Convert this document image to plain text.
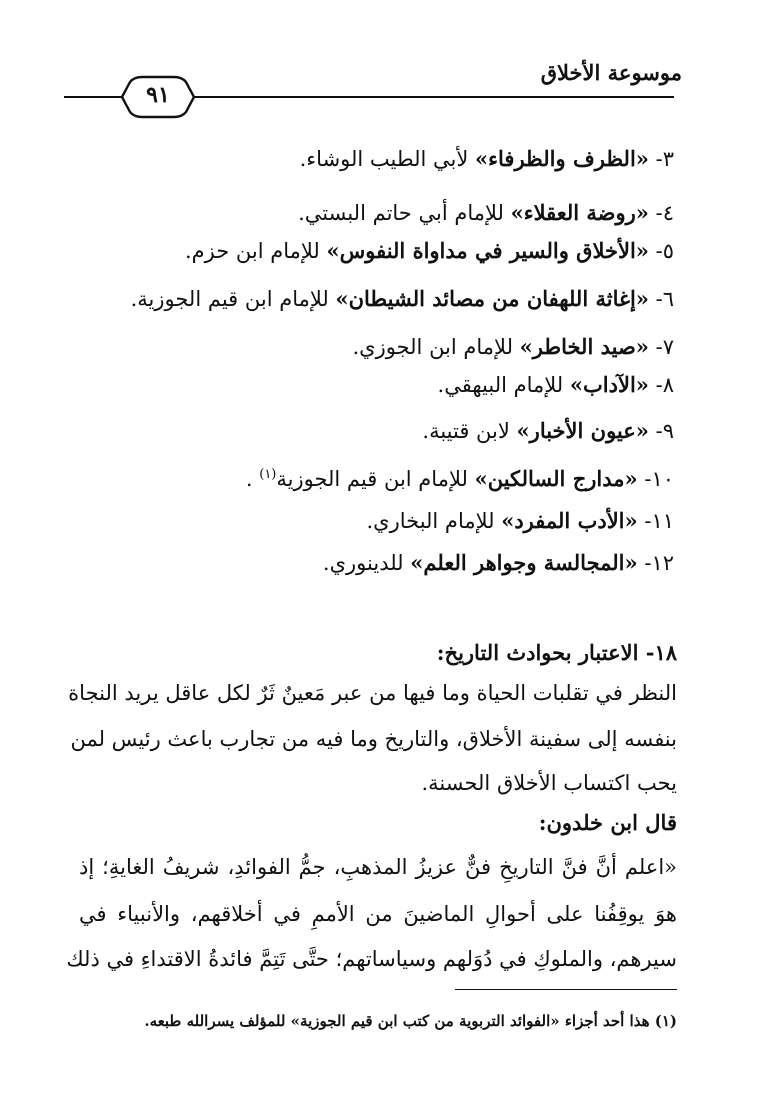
موسوعة الأخلاق
٩١
٣- «الظرف والظرفاء» لأبي الطيب الوشاء.
٤- «روضة العقلاء» للإمام أبي حاتم البستي.
٥- «الأخلاق والسير في مداواة النفوس» للإمام ابن حزم.
٦- «إغاثة اللهفان من مصائد الشيطان» للإمام ابن قيم الجوزية.
٧- «صيد الخاطر» للإمام ابن الجوزي.
٨- «الآداب» للإمام البيهقي.
٩- «عيون الأخبار» لابن قتيبة.
١٠- «مدارج السالكين» للإمام ابن قيم الجوزية$^{(١)}$ .
١١- «الأدب المفرد» للإمام البخاري.
١٢- «المجالسة وجواهر العلم» للدينوري.
١٨- الاعتبار بحوادث التاريخ:
النظر في تقلبات الحياة وما فيها من عبر مَعينٌ ثَرٌ لكل عاقل يريد النجاة
بنفسه إلى سفينة الأخلاق، والتاريخ وما فيه من تجارب باعث رئيس لمن
يحب اكتساب الأخلاق الحسنة.
قال ابن خلدون:
«اعلم أنَّ فنَّ التاريخِ فنٌّ عزيزُ المذهبِ، جمُّ الفوائدِ، شريفُ الغايةِ؛ إذ
هوَ يوقِفُنا على أحوالِ الماضينَ من الأممِ في أخلاقهم، والأنبياء في
سيرهم، والملوكِ في دُوَلهم وسياساتهم؛ حتَّى تَتِمَّ فائدةُ الاقتداءِ في ذلك
(١) هذا أحد أجزاء «الفوائد التربوية من كتب ابن قيم الجوزية» للمؤلف يسرالله طبعه.
